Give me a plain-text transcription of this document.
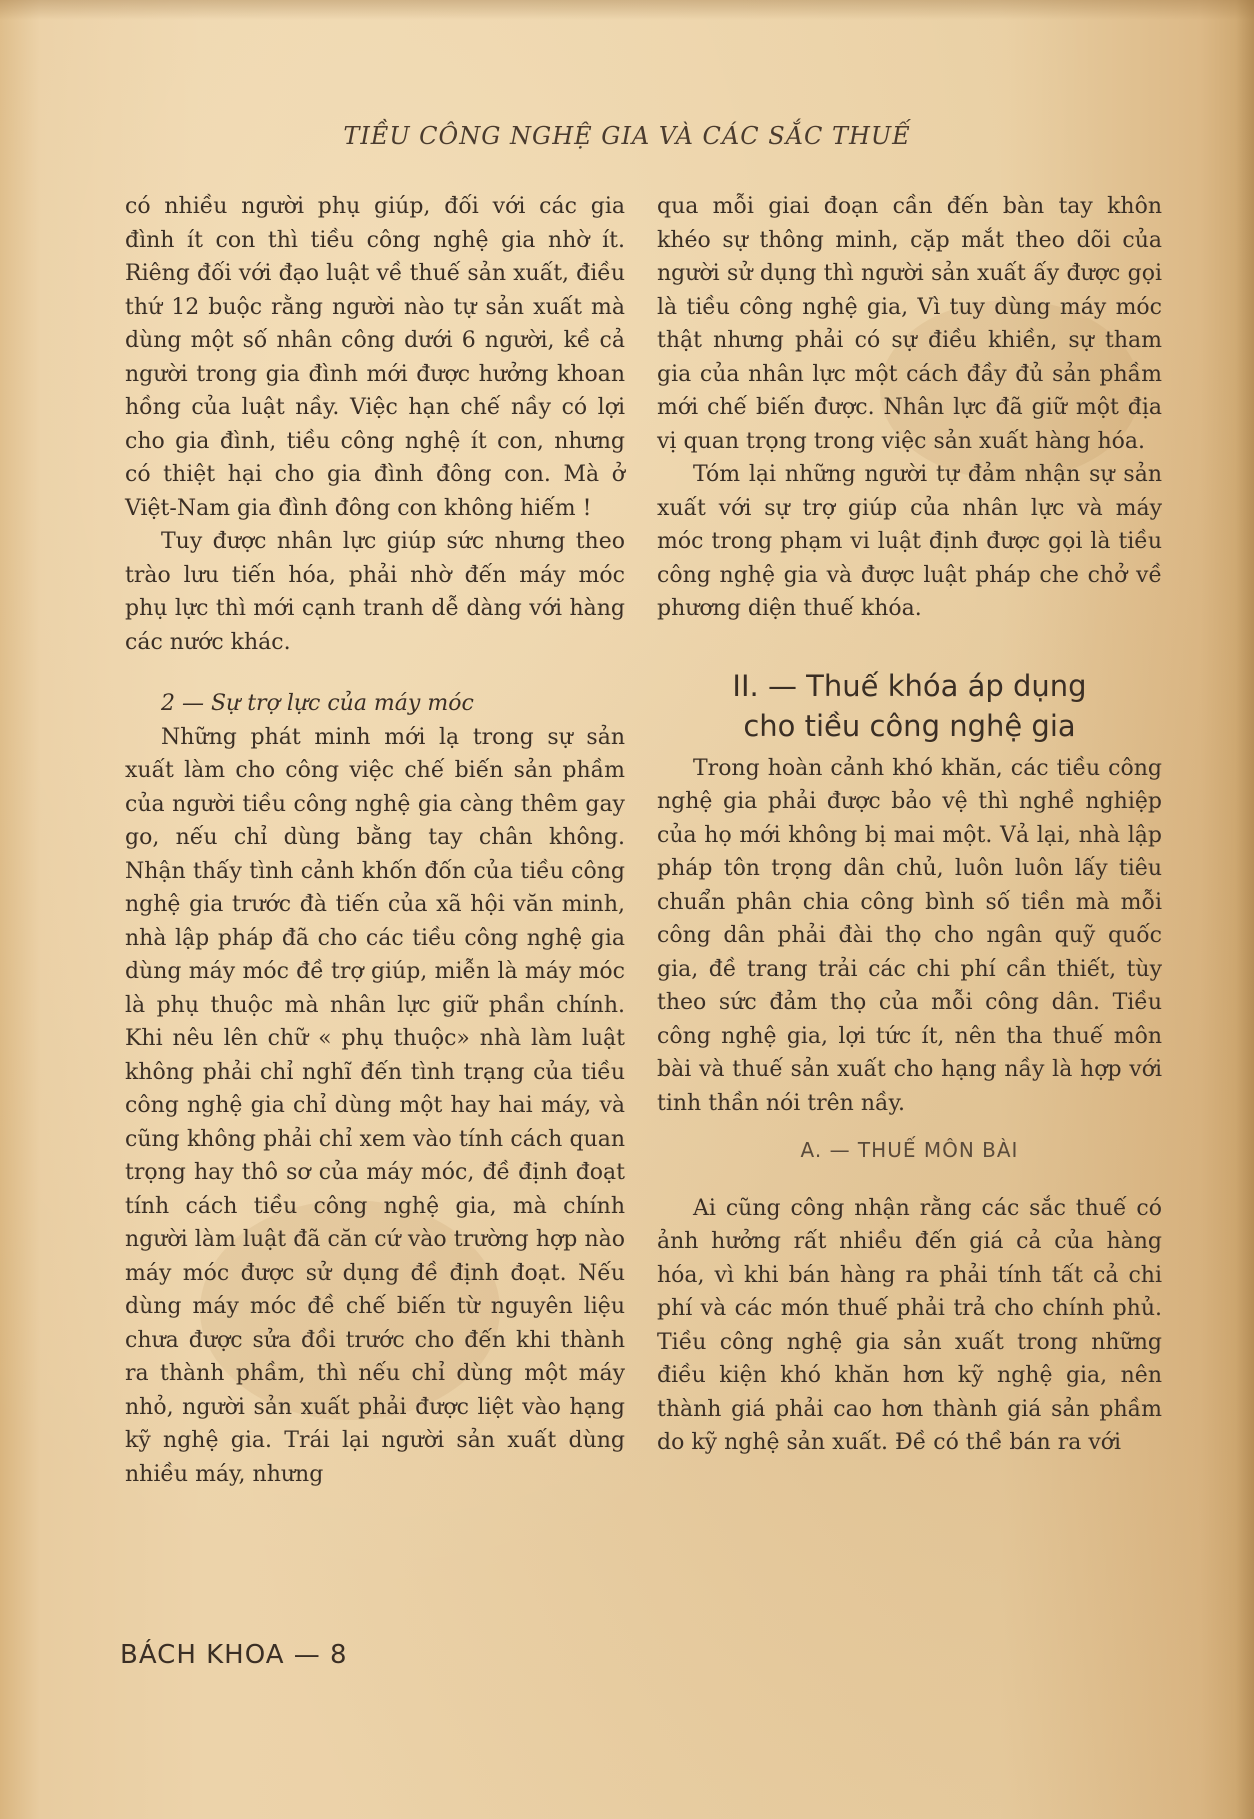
TIỀU CÔNG NGHỆ GIA VÀ CÁC SẮC THUẾ

có nhiều người phụ giúp, đối với các gia đình ít con thì tiều công nghệ gia nhờ ít. Riêng đối với đạo luật về thuế sản xuất, điều thứ 12 buộc rằng người nào tự sản xuất mà dùng một số nhân công dưới 6 người, kề cả người trong gia đình mới được hưởng khoan hồng của luật nầy. Việc hạn chế nầy có lợi cho gia đình, tiều công nghệ ít con, nhưng có thiệt hại cho gia đình đông con. Mà ở Việt-Nam gia đình đông con không hiếm !

Tuy được nhân lực giúp sức nhưng theo trào lưu tiến hóa, phải nhờ đến máy móc phụ lực thì mới cạnh tranh dễ dàng với hàng các nước khác.

2 — Sự trợ lực của máy móc

Những phát minh mới lạ trong sự sản xuất làm cho công việc chế biến sản phầm của người tiều công nghệ gia càng thêm gay go, nếu chỉ dùng bằng tay chân không. Nhận thấy tình cảnh khốn đốn của tiều công nghệ gia trước đà tiến của xã hội văn minh, nhà lập pháp đã cho các tiều công nghệ gia dùng máy móc đề trợ giúp, miễn là máy móc là phụ thuộc mà nhân lực giữ phần chính. Khi nêu lên chữ « phụ thuộc» nhà làm luật không phải chỉ nghĩ đến tình trạng của tiều công nghệ gia chỉ dùng một hay hai máy, và cũng không phải chỉ xem vào tính cách quan trọng hay thô sơ của máy móc, đề định đoạt tính cách tiều công nghệ gia, mà chính người làm luật đã căn cứ vào trường hợp nào máy móc được sử dụng đề định đoạt. Nếu dùng máy móc đề chế biến từ nguyên liệu chưa được sửa đồi trước cho đến khi thành ra thành phầm, thì nếu chỉ dùng một máy nhỏ, người sản xuất phải được liệt vào hạng kỹ nghệ gia. Trái lại người sản xuất dùng nhiều máy, nhưng

qua mỗi giai đoạn cần đến bàn tay khôn khéo sự thông minh, cặp mắt theo dõi của người sử dụng thì người sản xuất ấy được gọi là tiều công nghệ gia, Vì tuy dùng máy móc thật nhưng phải có sự điều khiền, sự tham gia của nhân lực một cách đầy đủ sản phầm mới chế biến được. Nhân lực đã giữ một địa vị quan trọng trong việc sản xuất hàng hóa.

Tóm lại những người tự đảm nhận sự sản xuất với sự trợ giúp của nhân lực và máy móc trong phạm vi luật định được gọi là tiều công nghệ gia và được luật pháp che chở về phương diện thuế khóa.

II. — Thuế khóa áp dụng
cho tiều công nghệ gia

Trong hoàn cảnh khó khăn, các tiều công nghệ gia phải được bảo vệ thì nghề nghiệp của họ mới không bị mai một. Vả lại, nhà lập pháp tôn trọng dân chủ, luôn luôn lấy tiêu chuẩn phân chia công bình số tiền mà mỗi công dân phải đài thọ cho ngân quỹ quốc gia, đề trang trải các chi phí cần thiết, tùy theo sức đảm thọ của mỗi công dân. Tiều công nghệ gia, lợi tức ít, nên tha thuế môn bài và thuế sản xuất cho hạng nầy là hợp với tinh thần nói trên nầy.

A. — THUẾ MÔN BÀI

Ai cũng công nhận rằng các sắc thuế có ảnh hưởng rất nhiều đến giá cả của hàng hóa, vì khi bán hàng ra phải tính tất cả chi phí và các món thuế phải trả cho chính phủ. Tiều công nghệ gia sản xuất trong những điều kiện khó khăn hơn kỹ nghệ gia, nên thành giá phải cao hơn thành giá sản phầm do kỹ nghệ sản xuất. Đề có thề bán ra với

BÁCH KHOA — 8
